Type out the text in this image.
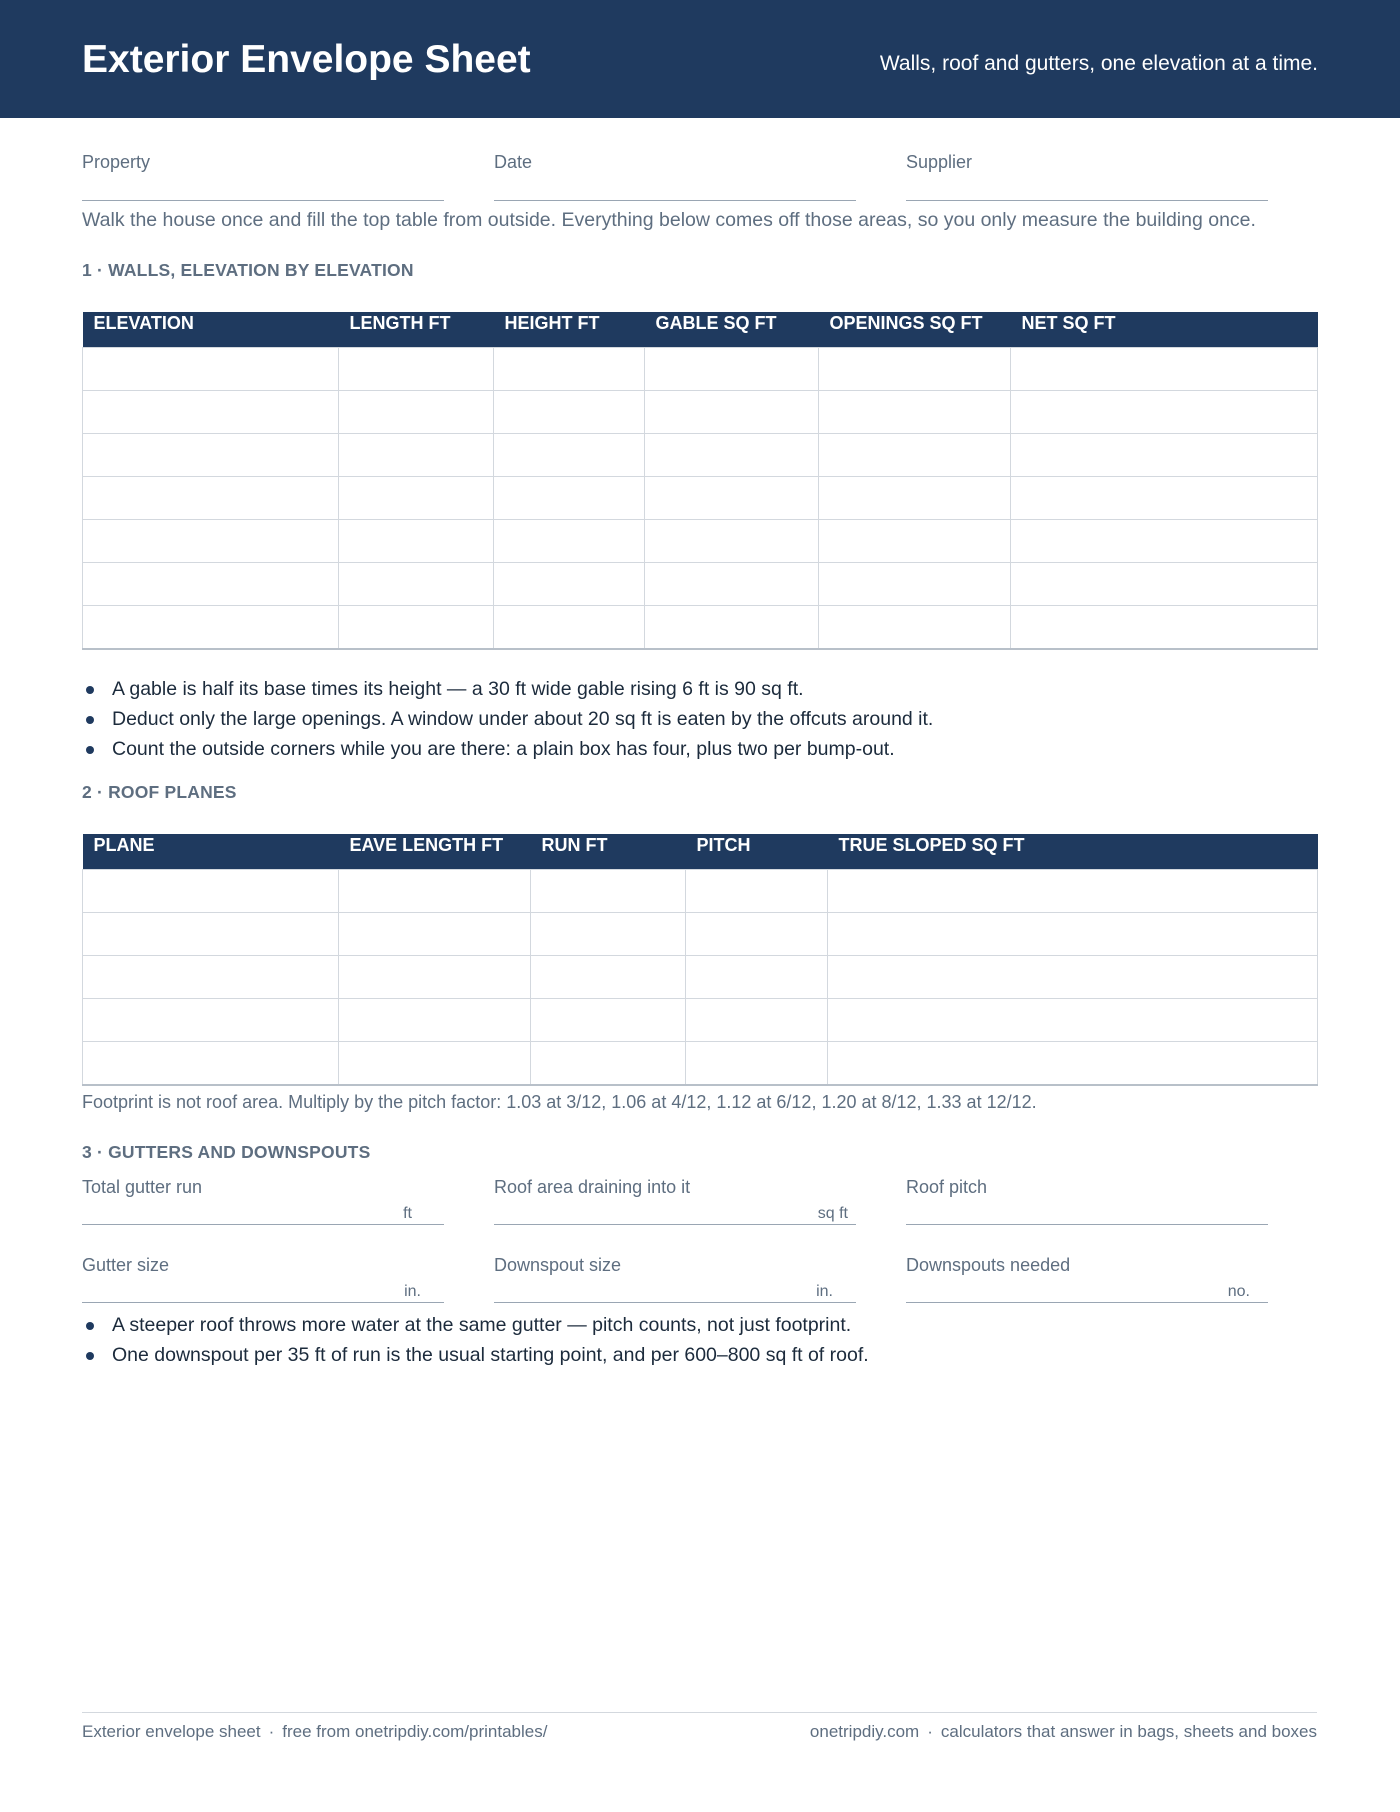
Exterior Envelope Sheet	Walls, roof and gutters, one elevation at a time.
Property	Date	Supplier
Walk the house once and fill the top table from outside. Everything below comes off those areas, so you only measure the building once.
1 · WALLS, ELEVATION BY ELEVATION
ELEVATION	LENGTH FT	HEIGHT FT	GABLE SQ FT	OPENINGS SQ FT	NET SQ FT

A gable is half its base times its height — a 30 ft wide gable rising 6 ft is 90 sq ft.
Deduct only the large openings. A window under about 20 sq ft is eaten by the offcuts around it.
Count the outside corners while you are there: a plain box has four, plus two per bump-out.
2 · ROOF PLANES
PLANE	EAVE LENGTH FT	RUN FT	PITCH	TRUE SLOPED SQ FT

Footprint is not roof area. Multiply by the pitch factor: 1.03 at 3/12, 1.06 at 4/12, 1.12 at 6/12, 1.20 at 8/12, 1.33 at 12/12.
3 · GUTTERS AND DOWNSPOUTS
Total gutter run
ft
Roof area draining into it
sq ft
Roof pitch
Gutter size
in.
Downspout size
in.
Downspouts needed
no.
A steeper roof throws more water at the same gutter — pitch counts, not just footprint.
One downspout per 35 ft of run is the usual starting point, and per 600–800 sq ft of roof.
Exterior envelope sheet · free from onetripdiy.com/printables/	onetripdiy.com · calculators that answer in bags, sheets and boxes
